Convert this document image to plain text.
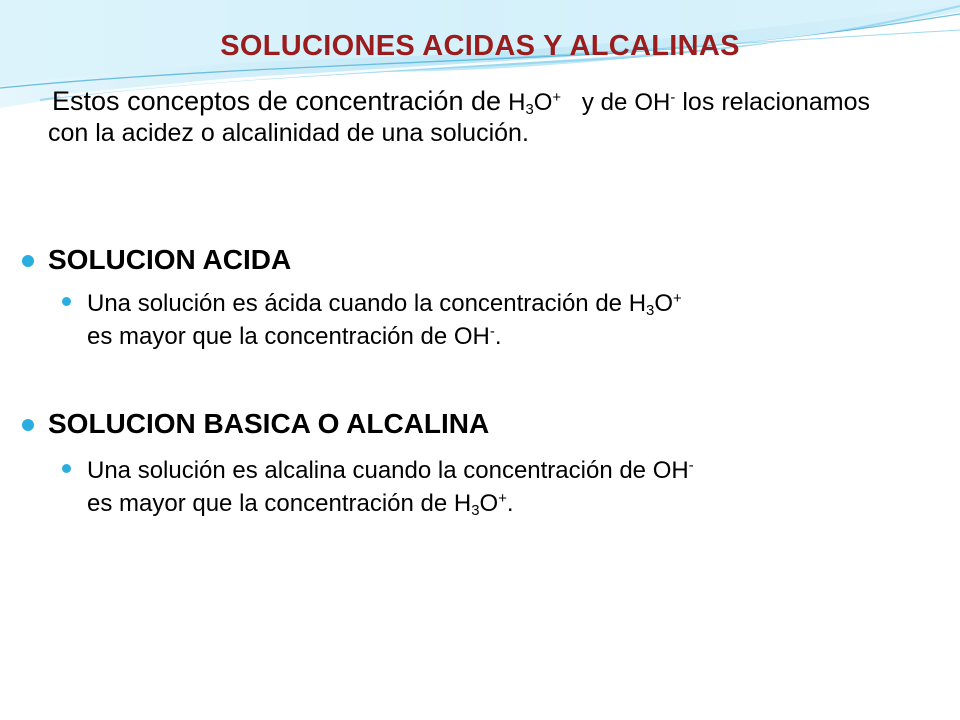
SOLUCIONES ACIDAS Y ALCALINAS
Estos conceptos de concentración de $H_3O^+$ y de OH- los relacionamos con la acidez o alcalinidad de una solución.
SOLUCION ACIDA
Una solución es ácida cuando la concentración de $H_3O^+$
es mayor que la concentración de OH-.
SOLUCION BASICA O ALCALINA
Una solución es alcalina cuando la concentración de OH-
es mayor que la concentración de $H_3O^+$.
